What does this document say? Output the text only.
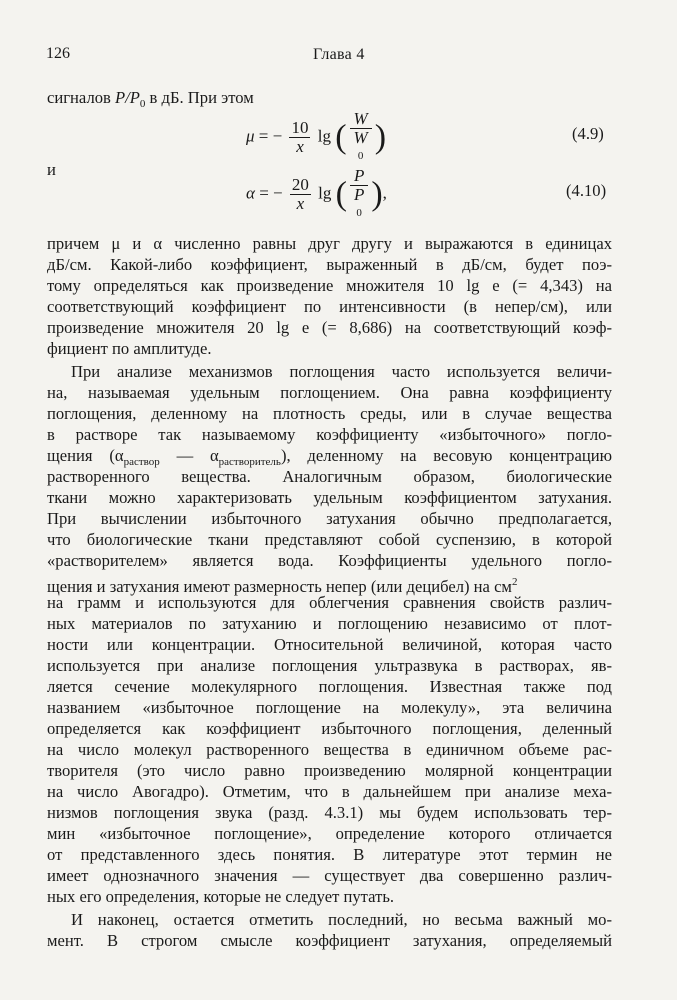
126	Глава 4
сигналов $P/P_0$ в дБ. При этом
μ = − $\frac{10}{x}$ lg ( W
W
0 )	(4.9)
и
α = − $\frac{20}{x}$ lg ( P
P
0 ),	(4.10)
причем μ и α численно равны друг другу и выражаются в единицах
дБ/см. Какой-либо коэффициент, выраженный в дБ/см, будет поэ-
тому определяться как произведение множителя 10 lg e (= 4,343) на
соответствующий коэффициент по интенсивности (в непер/см), или
произведение множителя 20 lg e (= 8,686) на соответствующий коэф-
фициент по амплитуде.
При анализе механизмов поглощения часто используется величи-
на, называемая удельным поглощением. Она равна коэффициенту
поглощения, деленному на плотность среды, или в случае вещества
в растворе так называемому коэффициенту «избыточного» погло-
щения ($\alpha_{раствор}$ — $\alpha_{растворитель}$), деленному на весовую концентрацию
растворенного вещества. Аналогичным образом, биологические
ткани можно характеризовать удельным коэффициентом затухания.
При вычислении избыточного затухания обычно предполагается,
что биологические ткани представляют собой суспензию, в которой
«растворителем» является вода. Коэффициенты удельного погло-
щения и затухания имеют размерность непер (или децибел) на $см^2$
на грамм и используются для облегчения сравнения свойств различ-
ных материалов по затуханию и поглощению независимо от плот-
ности или концентрации. Относительной величиной, которая часто
используется при анализе поглощения ультразвука в растворах, яв-
ляется сечение молекулярного поглощения. Известная также под
названием «избыточное поглощение на молекулу», эта величина
определяется как коэффициент избыточного поглощения, деленный
на число молекул растворенного вещества в единичном объеме рас-
творителя (это число равно произведению молярной концентрации
на число Авогадро). Отметим, что в дальнейшем при анализе меха-
низмов поглощения звука (разд. 4.3.1) мы будем использовать тер-
мин «избыточное поглощение», определение которого отличается
от представленного здесь понятия. В литературе этот термин не
имеет однозначного значения — существует два совершенно различ-
ных его определения, которые не следует путать.
И наконец, остается отметить последний, но весьма важный мо-
мент. В строгом смысле коэффициент затухания, определяемый
